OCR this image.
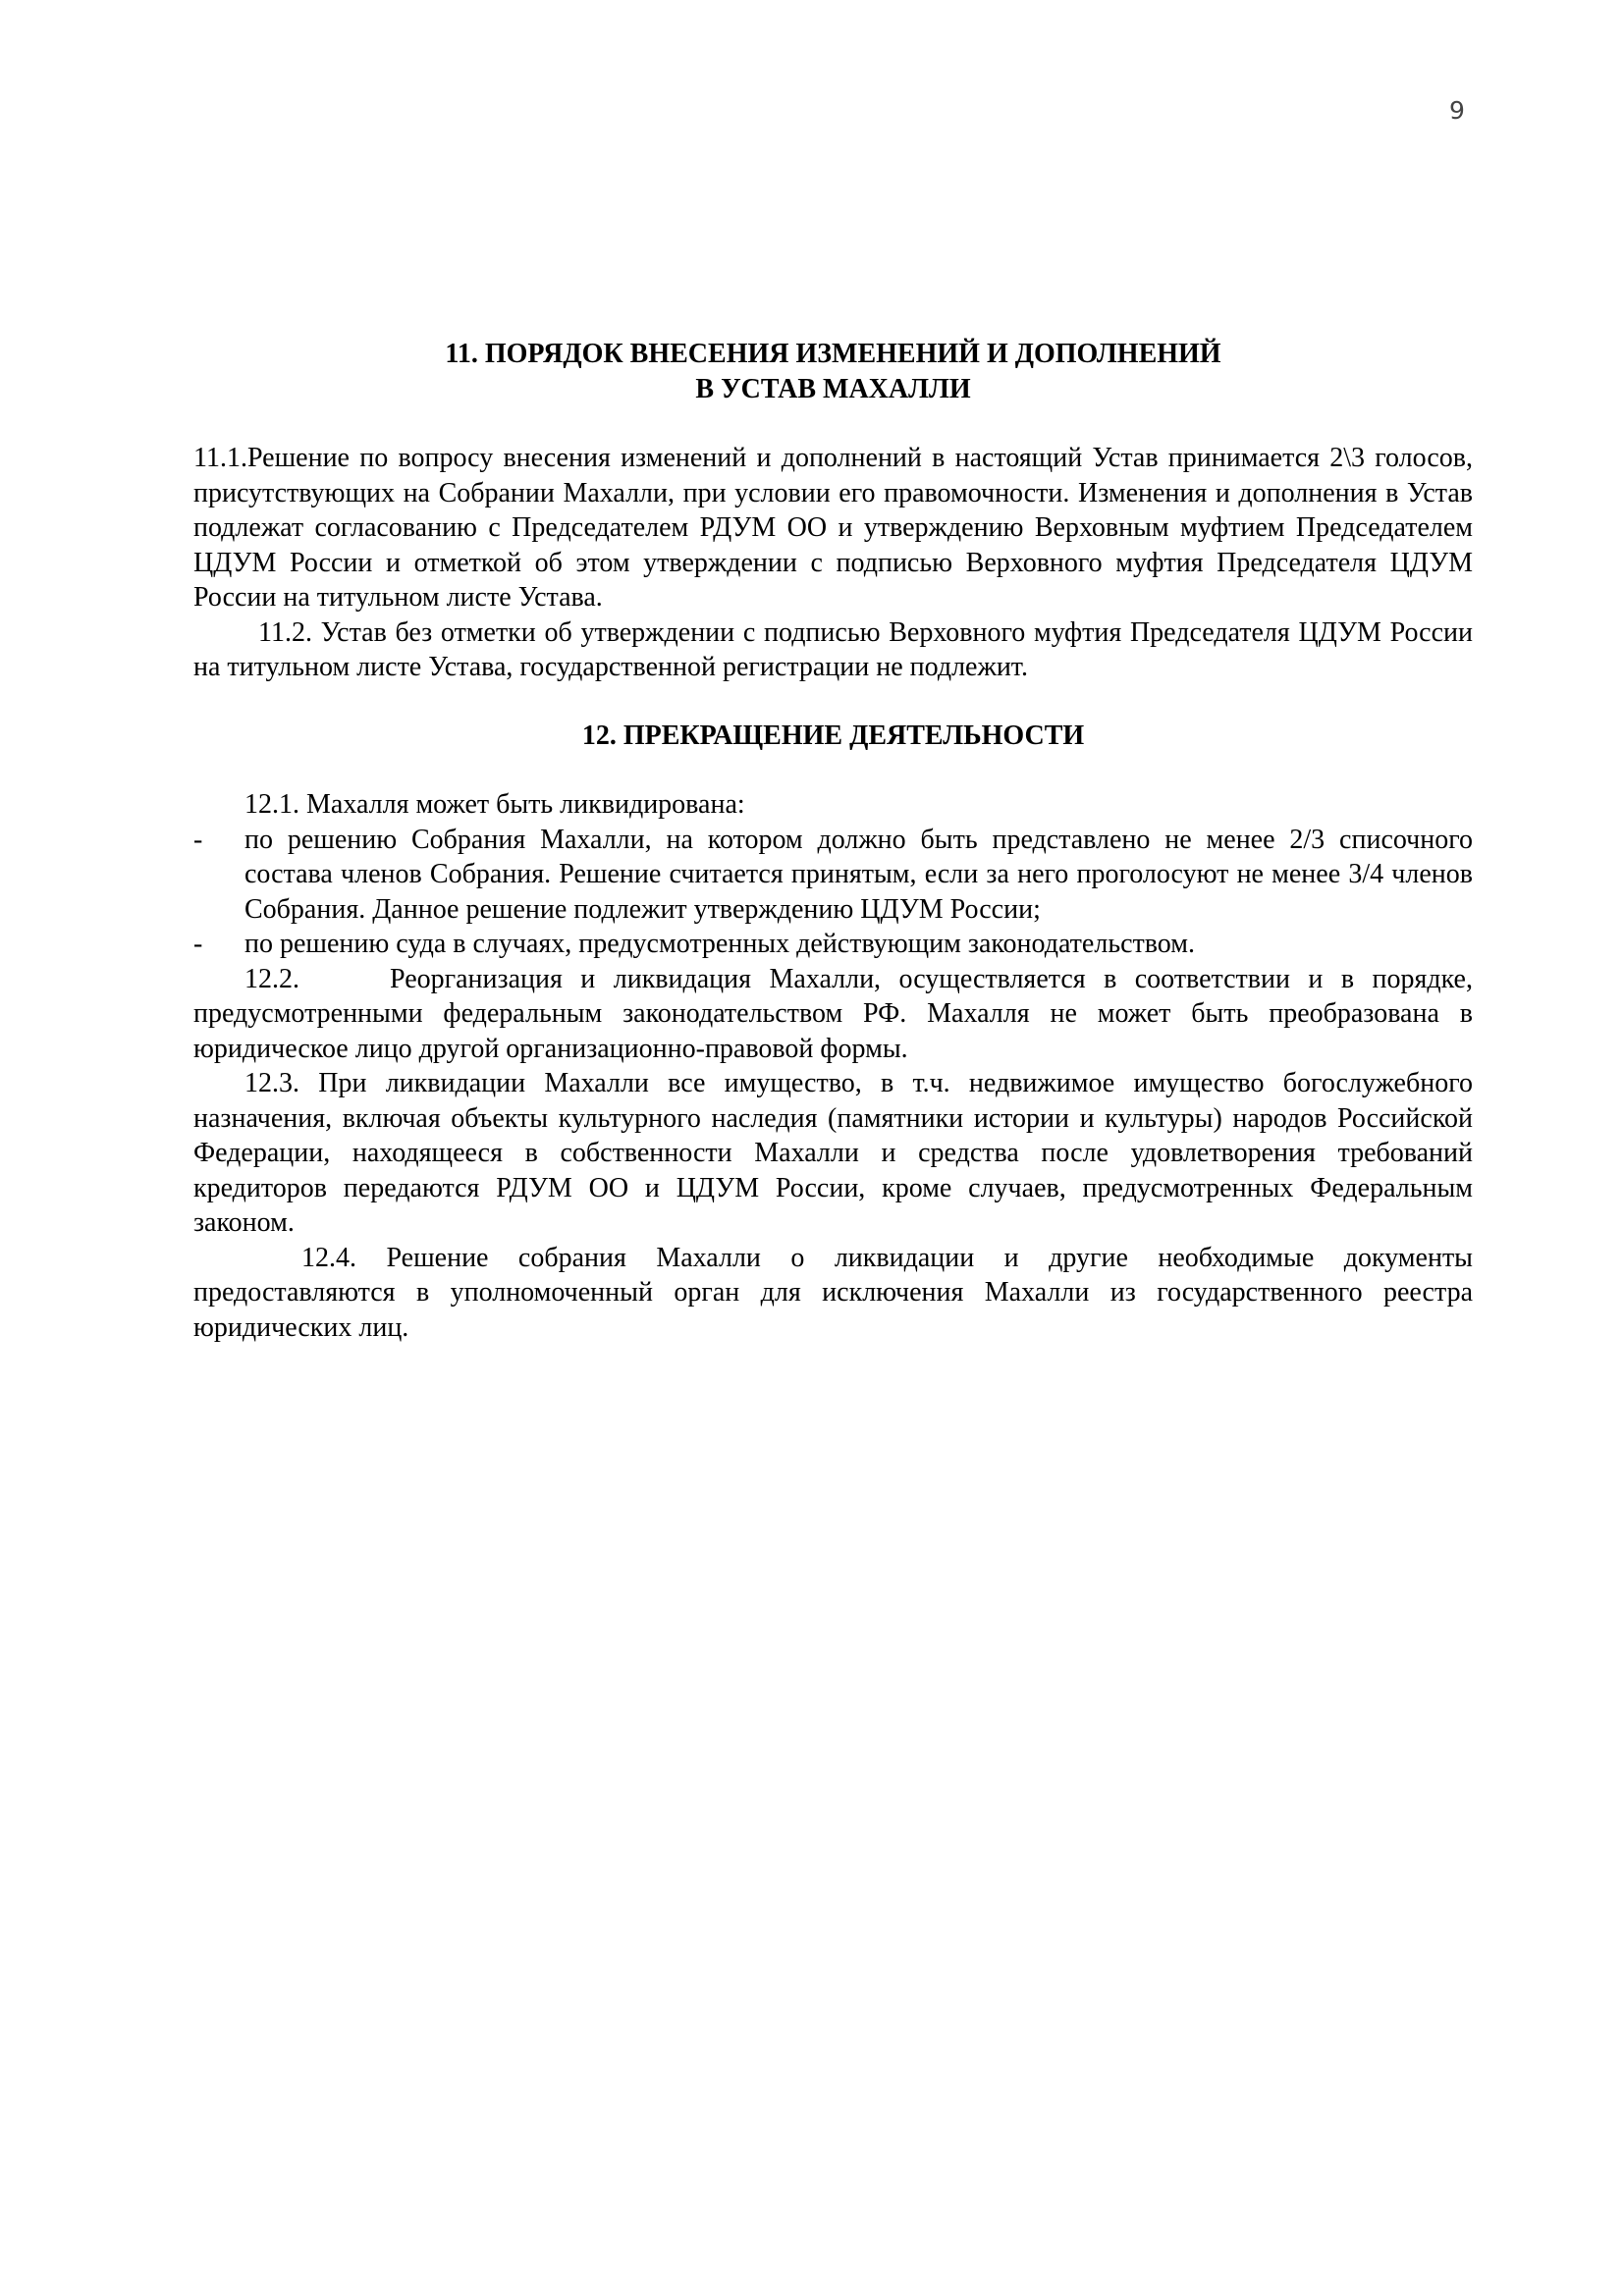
9
11. ПОРЯДОК ВНЕСЕНИЯ ИЗМЕНЕНИЙ И ДОПОЛНЕНИЙ
В УСТАВ МАХАЛЛИ

11.1.Решение по вопросу внесения изменений и дополнений в настоящий Устав принимается 2\3 голосов, присутствующих на Собрании Махалли, при условии его правомочности. Изменения и дополнения в Устав подлежат согласованию с Председателем РДУМ ОО и утверждению Верховным муфтием Председателем ЦДУМ России и отметкой об этом утверждении с подписью Верховного муфтия Председателя ЦДУМ России на титульном листе Устава.

11.2. Устав без отметки об утверждении с подписью Верховного муфтия Председателя ЦДУМ России на титульном листе Устава, государственной регистрации не подлежит.

12. ПРЕКРАЩЕНИЕ ДЕЯТЕЛЬНОСТИ

12.1. Махалля может быть ликвидирована:

- по решению Собрания Махалли, на котором должно быть представлено не менее 2/3 списочного состава членов Собрания. Решение считается принятым, если за него проголосуют не менее 3/4 членов Собрания. Данное решение подлежит утверждению ЦДУМ России;
- по решению суда в случаях, предусмотренных действующим законодательством.

12.2.	Реорганизация и ликвидация Махалли, осуществляется в соответствии и в порядке, предусмотренными федеральным законодательством РФ. Махалля не может быть преобразована в юридическое лицо другой организационно-правовой формы.

12.3. При ликвидации Махалли все имущество, в т.ч. недвижимое имущество богослужебного назначения, включая объекты культурного наследия (памятники истории и культуры) народов Российской Федерации, находящееся в собственности Махалли и средства после удовлетворения требований кредиторов передаются РДУМ ОО и ЦДУМ России, кроме случаев, предусмотренных Федеральным законом.

12.4. Решение собрания Махалли о ликвидации и другие необходимые документы предоставляются в уполномоченный орган для исключения Махалли из государственного реестра юридических лиц.
